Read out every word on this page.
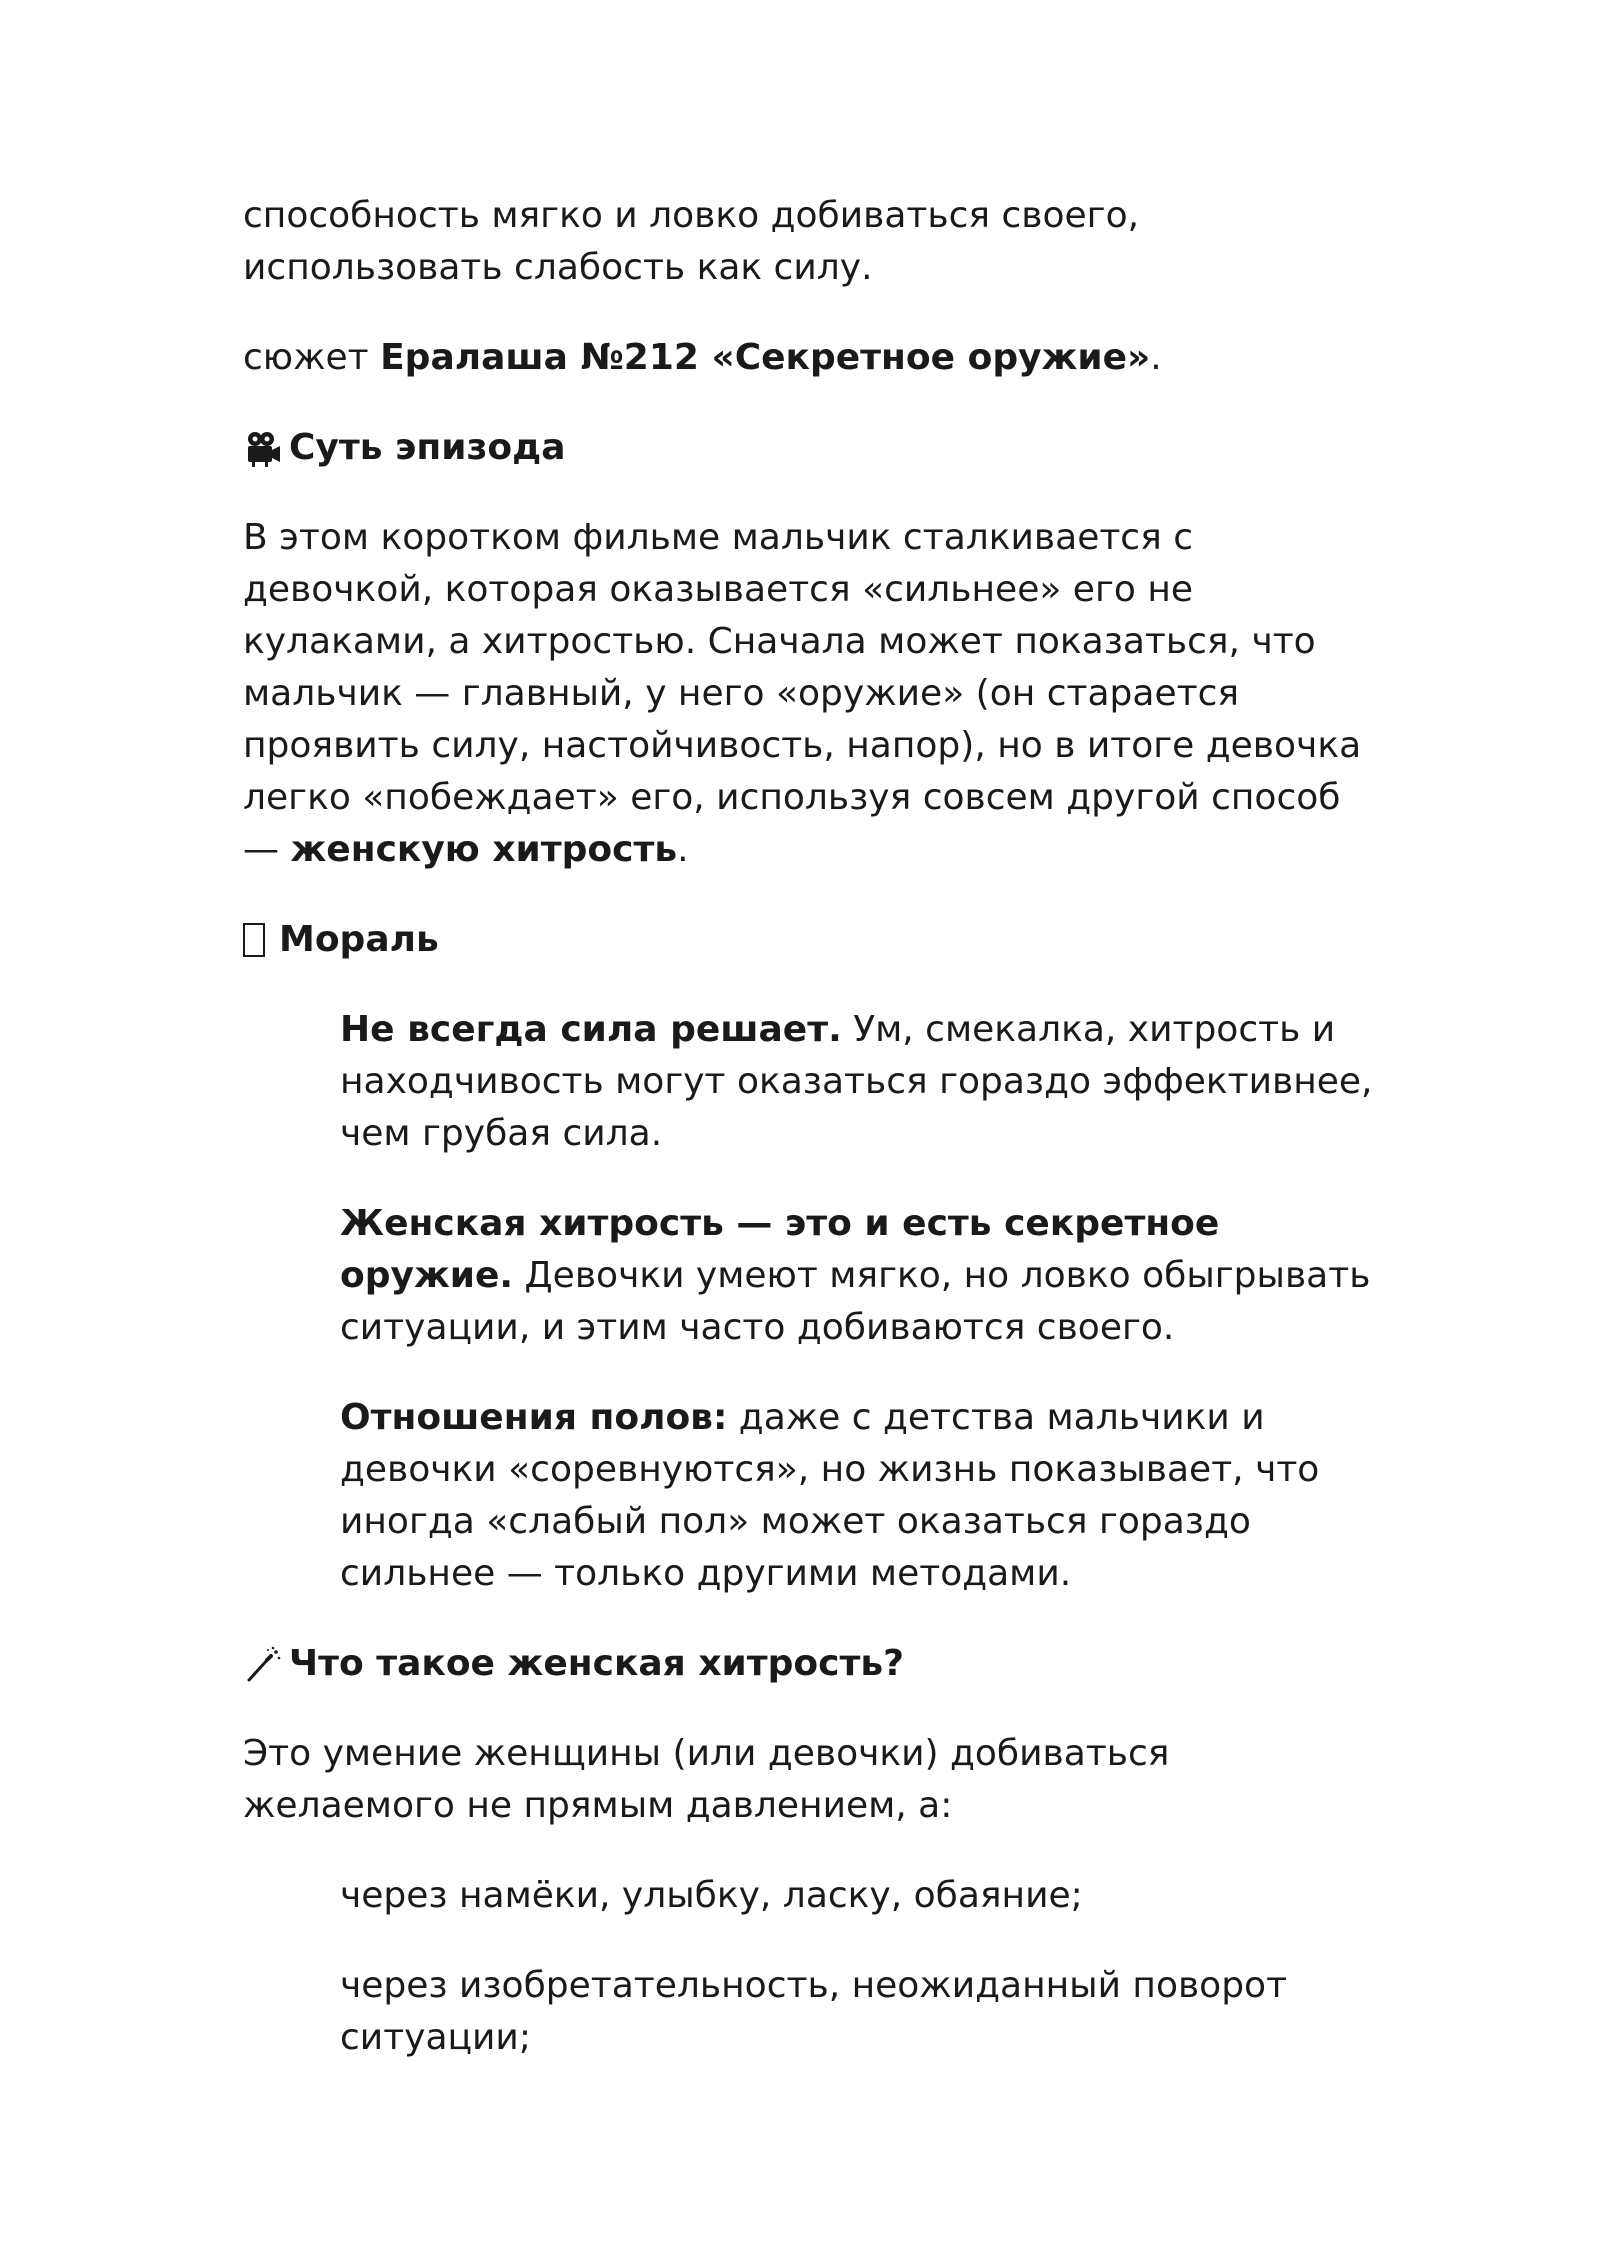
способность мягко и ловко добиваться своего,
использовать слабость как силу.

сюжет Ералаша №212 «Секретное оружие».

Суть эпизода

В этом коротком фильме мальчик сталкивается с девочкой, которая оказывается «сильнее» его не кулаками, а хитростью. Сначала может показаться, что мальчик — главный, у него «оружие» (он старается проявить силу, настойчивость, напор), но в итоге девочка легко «побеждает» его, используя совсем другой способ — женскую хитрость.

Мораль

Не всегда сила решает. Ум, смекалка, хитрость и находчивость могут оказаться гораздо эффективнее, чем грубая сила.

Женская хитрость — это и есть секретное оружие. Девочки умеют мягко, но ловко обыгрывать ситуации, и этим часто добиваются своего.

Отношения полов: даже с детства мальчики и девочки «соревнуются», но жизнь показывает, что иногда «слабый пол» может оказаться гораздо сильнее — только другими методами.

Что такое женская хитрость?

Это умение женщины (или девочки) добиваться желаемого не прямым давлением, а:

через намёки, улыбку, ласку, обаяние;

через изобретательность, неожиданный поворот ситуации;
